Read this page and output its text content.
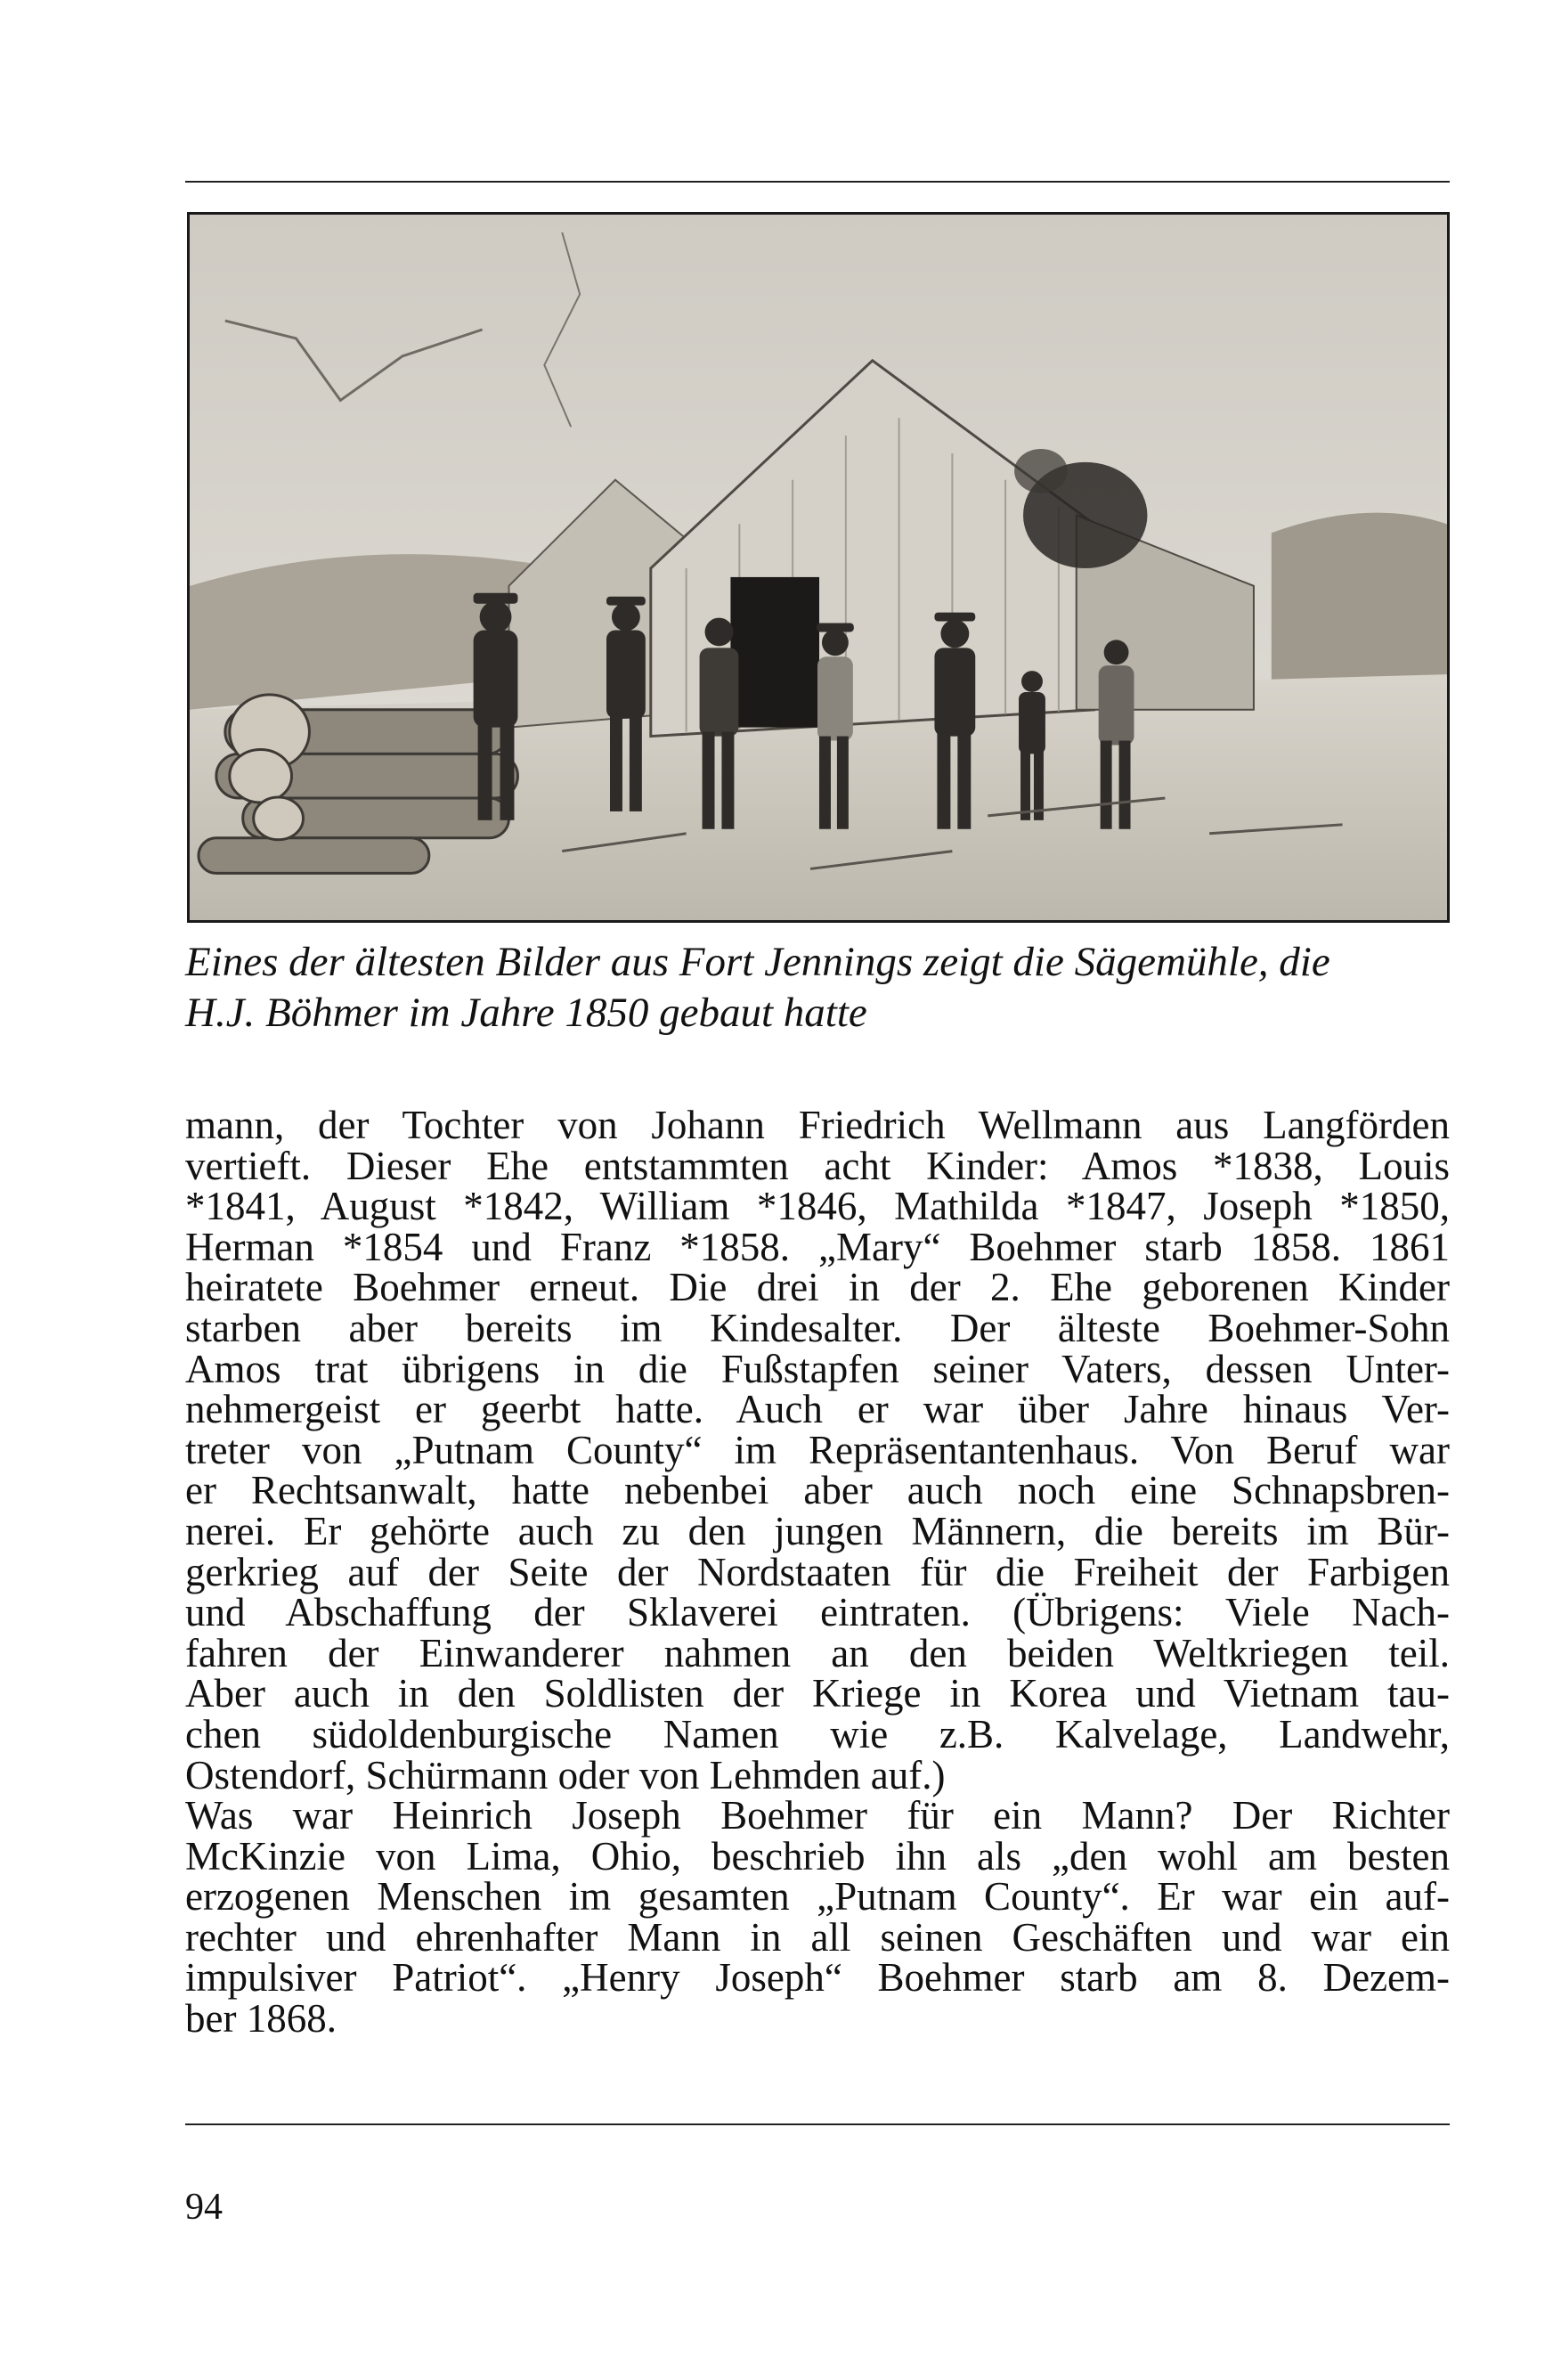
Eines der ältesten Bilder aus Fort Jennings zeigt die Sägemühle, die
H.J. Böhmer im Jahre 1850 gebaut hatte

mann, der Tochter von Johann Friedrich Wellmann aus Langförden
vertieft. Dieser Ehe entstammten acht Kinder: Amos *1838, Louis
*1841, August *1842, William *1846, Mathilda *1847, Joseph *1850,
Herman *1854 und Franz *1858. „Mary“ Boehmer starb 1858. 1861
heiratete Boehmer erneut. Die drei in der 2. Ehe geborenen Kinder
starben aber bereits im Kindesalter. Der älteste Boehmer-Sohn
Amos trat übrigens in die Fußstapfen seiner Vaters, dessen Unter-
nehmergeist er geerbt hatte. Auch er war über Jahre hinaus Ver-
treter von „Putnam County“ im Repräsentantenhaus. Von Beruf war
er Rechtsanwalt, hatte nebenbei aber auch noch eine Schnapsbren-
nerei. Er gehörte auch zu den jungen Männern, die bereits im Bür-
gerkrieg auf der Seite der Nordstaaten für die Freiheit der Farbigen
und Abschaffung der Sklaverei eintraten. (Übrigens: Viele Nach-
fahren der Einwanderer nahmen an den beiden Weltkriegen teil.
Aber auch in den Soldlisten der Kriege in Korea und Vietnam tau-
chen südoldenburgische Namen wie z.B. Kalvelage, Landwehr,
Ostendorf, Schürmann oder von Lehmden auf.)
Was war Heinrich Joseph Boehmer für ein Mann? Der Richter
McKinzie von Lima, Ohio, beschrieb ihn als „den wohl am besten
erzogenen Menschen im gesamten „Putnam County“. Er war ein auf-
rechter und ehrenhafter Mann in all seinen Geschäften und war ein
impulsiver Patriot“. „Henry Joseph“ Boehmer starb am 8. Dezem-
ber 1868.

94
